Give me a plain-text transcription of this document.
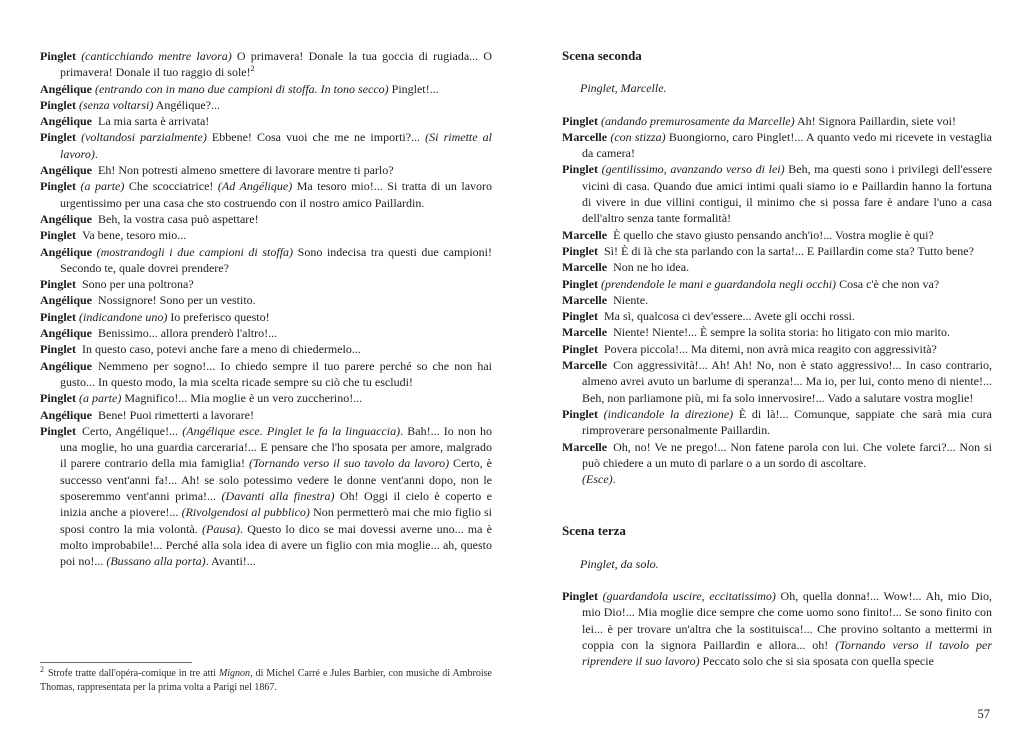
Pinglet (canticchiando mentre lavora) O primavera! Donale la tua goccia di rugiada... O primavera! Donale il tuo raggio di sole!$^2$

Angélique (entrando con in mano due campioni di stoffa. In tono secco) Pinglet!...

Pinglet (senza voltarsi) Angélique?...

Angélique La mia sarta è arrivata!

Pinglet (voltandosi parzialmente) Ebbene! Cosa vuoi che me ne importi?... (Si rimette al lavoro).

Angélique Eh! Non potresti almeno smettere di lavorare mentre ti parlo?

Pinglet (a parte) Che scocciatrice! (Ad Angélique) Ma tesoro mio!... Si tratta di un lavoro urgentissimo per una casa che sto costruendo con il nostro amico Paillardin.

Angélique Beh, la vostra casa può aspettare!

Pinglet Va bene, tesoro mio...

Angélique (mostrandogli i due campioni di stoffa) Sono indecisa tra questi due campioni! Secondo te, quale dovrei prendere?

Pinglet Sono per una poltrona?

Angélique Nossignore! Sono per un vestito.

Pinglet (indicandone uno) Io preferisco questo!

Angélique Benissimo... allora prenderò l'altro!...

Pinglet In questo caso, potevi anche fare a meno di chiedermelo...

Angélique Nemmeno per sogno!... Io chiedo sempre il tuo parere perché so che non hai gusto... In questo modo, la mia scelta ricade sempre su ciò che tu escludi!

Pinglet (a parte) Magnifico!... Mia moglie è un vero zuccherino!...

Angélique Bene! Puoi rimetterti a lavorare!

Pinglet Certo, Angélique!... (Angélique esce. Pinglet le fa la linguaccia). Bah!... Io non ho una moglie, ho una guardia carceraria!... E pensare che l'ho sposata per amore, malgrado il parere contrario della mia famiglia! (Tornando verso il suo tavolo da lavoro) Certo, è successo vent'anni fa!... Ah! se solo potessimo vedere le donne vent'anni dopo, non le sposeremmo vent'anni prima!... (Davanti alla finestra) Oh! Oggi il cielo è coperto e inizia anche a piovere!... (Rivolgendosi al pubblico) Non permetterò mai che mio figlio si sposi contro la mia volontà. (Pausa). Questo lo dico se mai dovessi averne uno... ma è molto improbabile!... Perché alla sola idea di avere un figlio con mia moglie... ah, questo poi no!... (Bussano alla porta). Avanti!...

Scena seconda

Pinglet, Marcelle.

Pinglet (andando premurosamente da Marcelle) Ah! Signora Paillardin, siete voi!

Marcelle (con stizza) Buongiorno, caro Pinglet!... A quanto vedo mi ricevete in vestaglia da camera!

Pinglet (gentilissimo, avanzando verso di lei) Beh, ma questi sono i privilegi dell'essere vicini di casa. Quando due amici intimi quali siamo io e Paillardin hanno la fortuna di vivere in due villini contigui, il minimo che si possa fare è andare l'uno a casa dell'altro senza tante formalità!

Marcelle È quello che stavo giusto pensando anch'io!... Vostra moglie è qui?

Pinglet Sì! È di là che sta parlando con la sarta!... E Paillardin come sta? Tutto bene?

Marcelle Non ne ho idea.

Pinglet (prendendole le mani e guardandola negli occhi) Cosa c'è che non va?

Marcelle Niente.

Pinglet Ma sì, qualcosa ci dev'essere... Avete gli occhi rossi.

Marcelle Niente! Niente!... È sempre la solita storia: ho litigato con mio marito.

Pinglet Povera piccola!... Ma ditemi, non avrà mica reagito con aggressività?

Marcelle Con aggressività!... Ah! Ah! No, non è stato aggressivo!... In caso contrario, almeno avrei avuto un barlume di speranza!... Ma io, per lui, conto meno di niente!... Beh, non parliamone più, mi fa solo innervosire!... Vado a salutare vostra moglie!

Pinglet (indicandole la direzione) È di là!... Comunque, sappiate che sarà mia cura rimproverare personalmente Paillardin.

Marcelle Oh, no! Ve ne prego!... Non fatene parola con lui. Che volete farci?... Non si può chiedere a un muto di parlare o a un sordo di ascoltare.
(Esce).

Scena terza

Pinglet, da solo.

Pinglet (guardandola uscire, eccitatissimo) Oh, quella donna!... Wow!... Ah, mio Dio, mio Dio!... Mia moglie dice sempre che come uomo sono finito!... Se sono finito con lei... è per trovare un'altra che la sostituisca!... Che provino soltanto a mettermi in coppia con la signora Paillardin e allora... oh! (Tornando verso il tavolo per riprendere il suo lavoro) Peccato solo che si sia sposata con quella specie

$^2$ Strofe tratte dall'opéra-comique in tre atti Mignon, di Michel Carré e Jules Barbier, con musiche di Ambroise Thomas, rappresentata per la prima volta a Parigi nel 1867.

57
